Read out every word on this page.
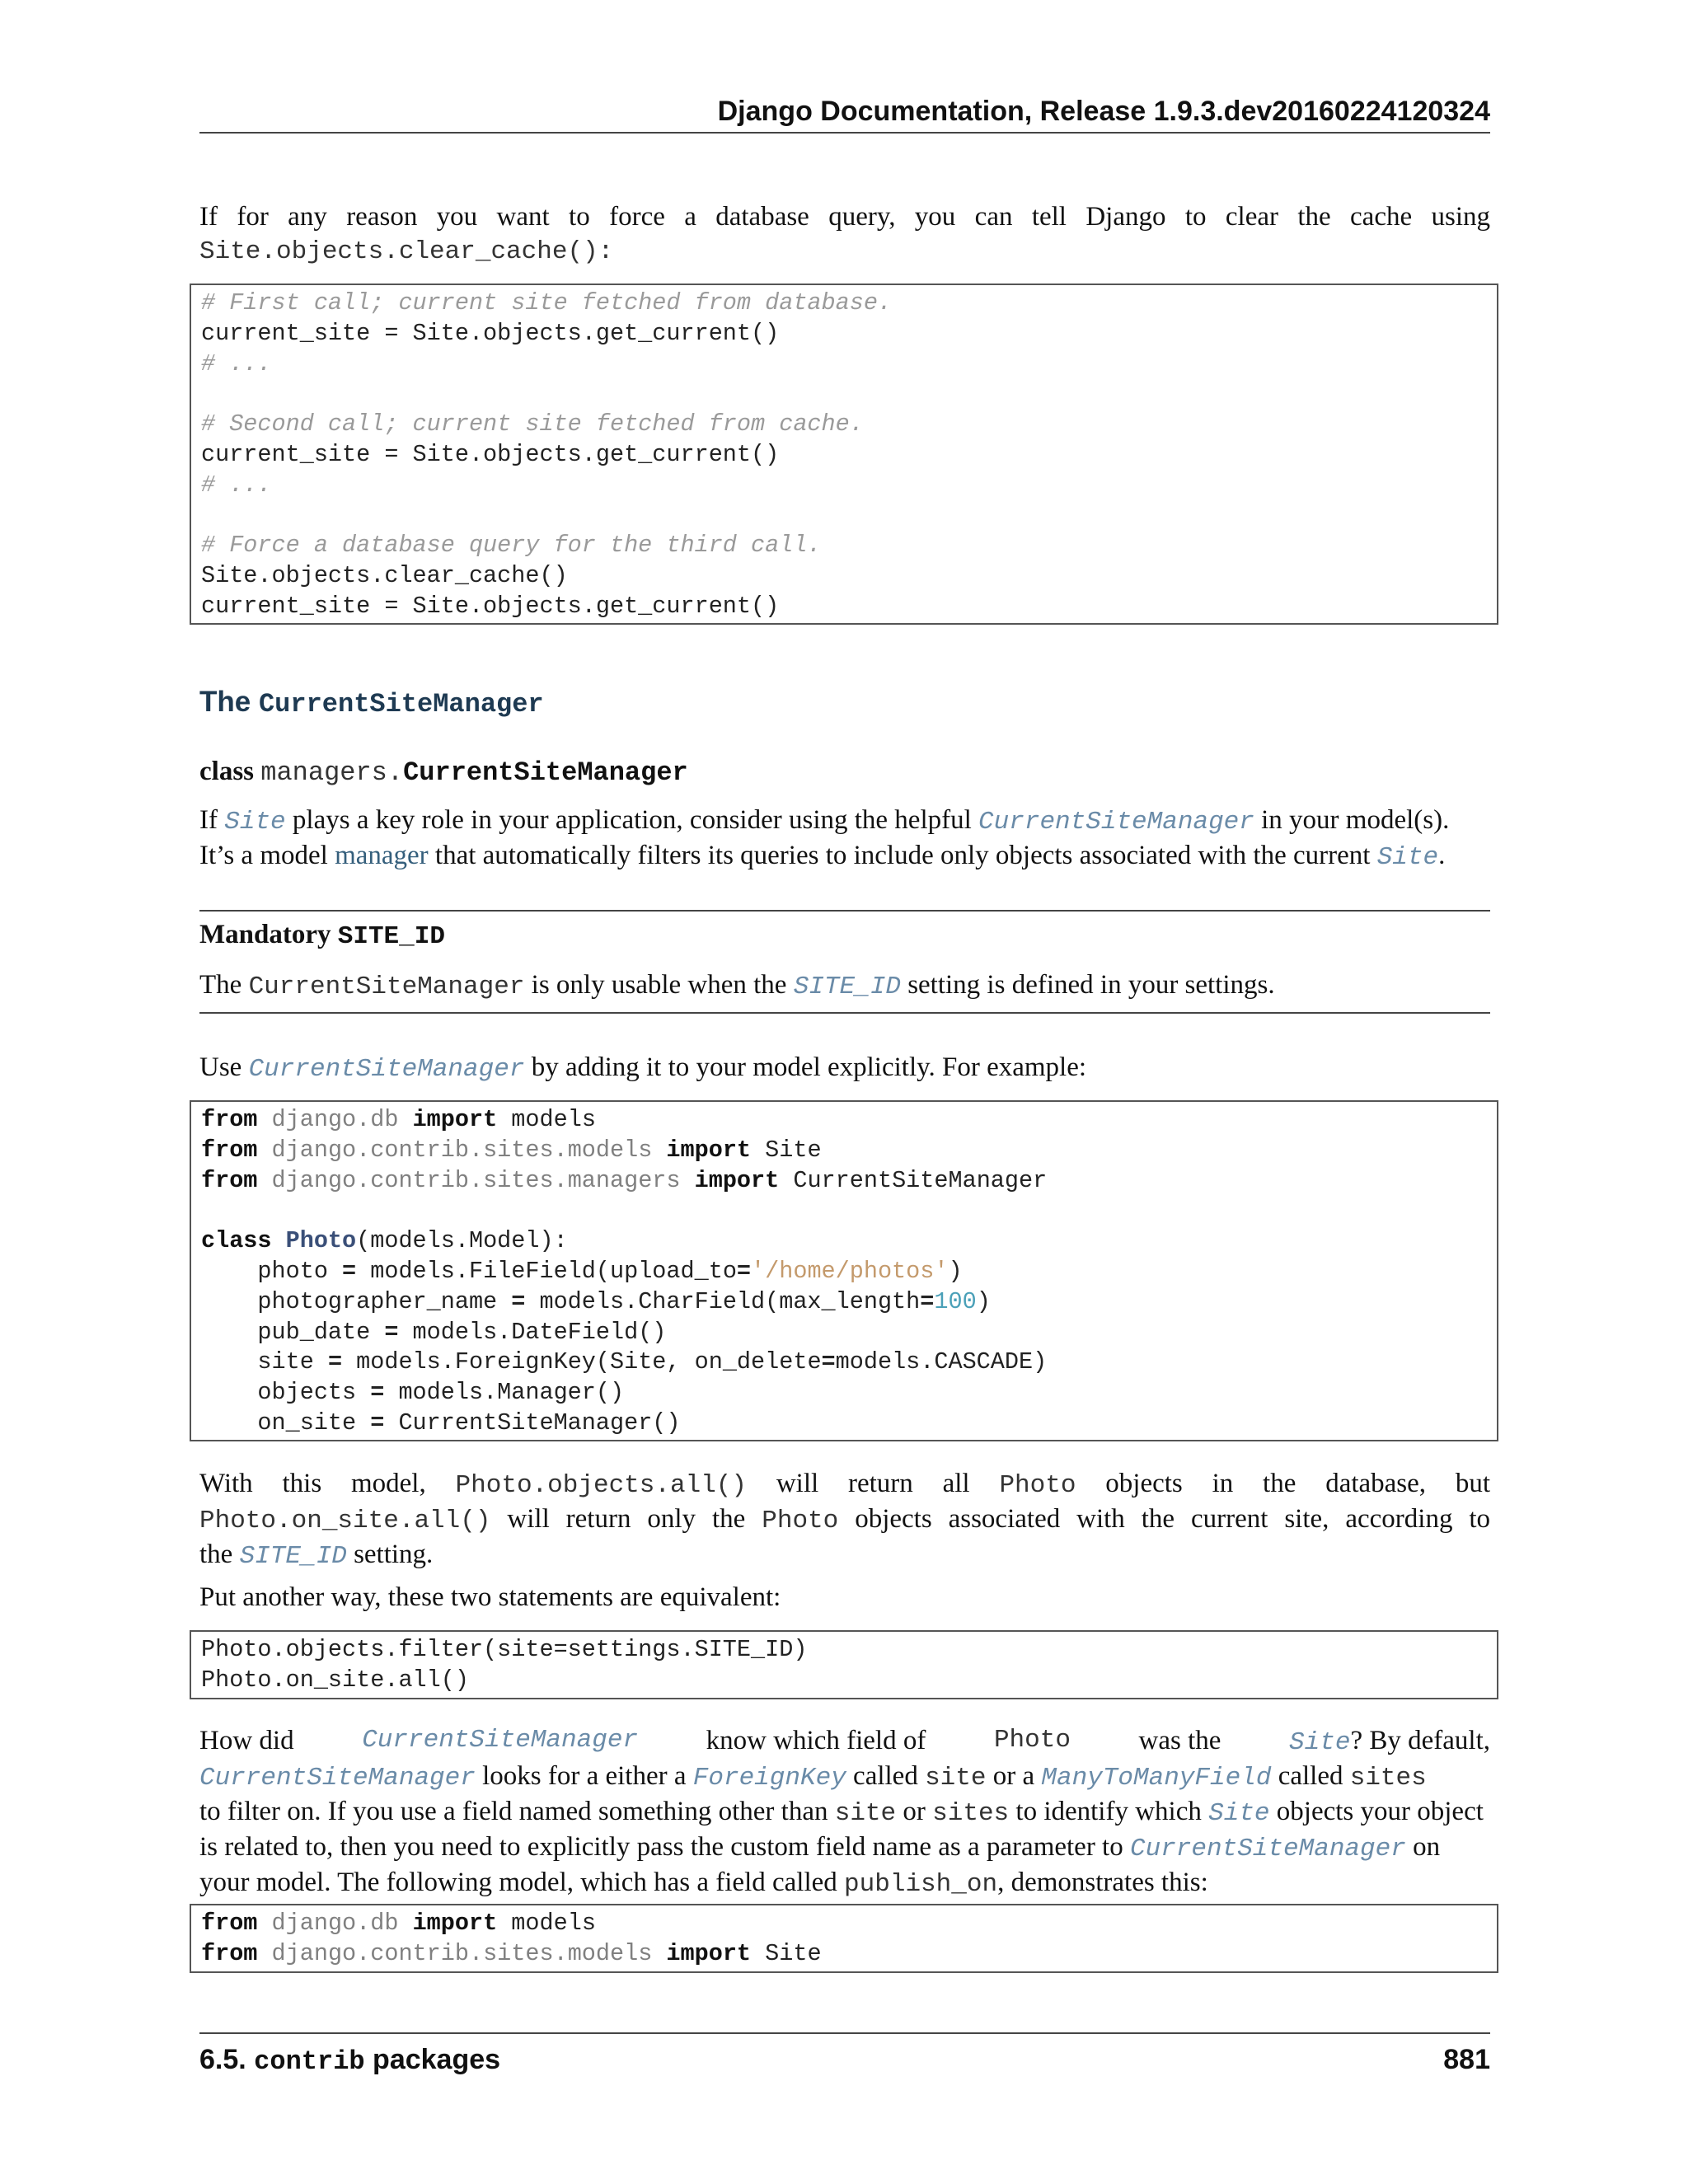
Django Documentation, Release 1.9.3.dev20160224120324

If for any reason you want to force a database query, you can tell Django to clear the cache using
Site.objects.clear_cache():

# First call; current site fetched from database.
current_site = Site.objects.get_current()
# ...

# Second call; current site fetched from cache.
current_site = Site.objects.get_current()
# ...

# Force a database query for the third call.
Site.objects.clear_cache()
current_site = Site.objects.get_current()
The CurrentSiteManager
class managers.CurrentSiteManager

If Site plays a key role in your application, consider using the helpful CurrentSiteManager in your model(s).
It’s a model manager that automatically filters its queries to include only objects associated with the current Site.

Mandatory SITE_ID

The CurrentSiteManager is only usable when the SITE_ID setting is defined in your settings.

Use CurrentSiteManager by adding it to your model explicitly. For example:

from django.db import models
from django.contrib.sites.models import Site
from django.contrib.sites.managers import CurrentSiteManager

class Photo(models.Model):
photo = models.FileField(upload_to='/home/photos')
photographer_name = models.CharField(max_length=100)
pub_date = models.DateField()
site = models.ForeignKey(Site, on_delete=models.CASCADE)
objects = models.Manager()
on_site = CurrentSiteManager()

With this model, Photo.objects.all() will return all Photo objects in the database, but
Photo.on_site.all() will return only the Photo objects associated with the current site, according to
the SITE_ID setting.

Put another way, these two statements are equivalent:

Photo.objects.filter(site=settings.SITE_ID)
Photo.on_site.all()
How did	CurrentSiteManager	know which field of	Photo	was the	Site? By default,
CurrentSiteManager looks for a either a ForeignKey called site or a ManyToManyField called sites
to filter on. If you use a field named something other than site or sites to identify which Site objects your object
is related to, then you need to explicitly pass the custom field name as a parameter to CurrentSiteManager on
your model. The following model, which has a field called publish_on, demonstrates this:
from django.db import models
from django.contrib.sites.models import Site
6.5. contrib packages	881
